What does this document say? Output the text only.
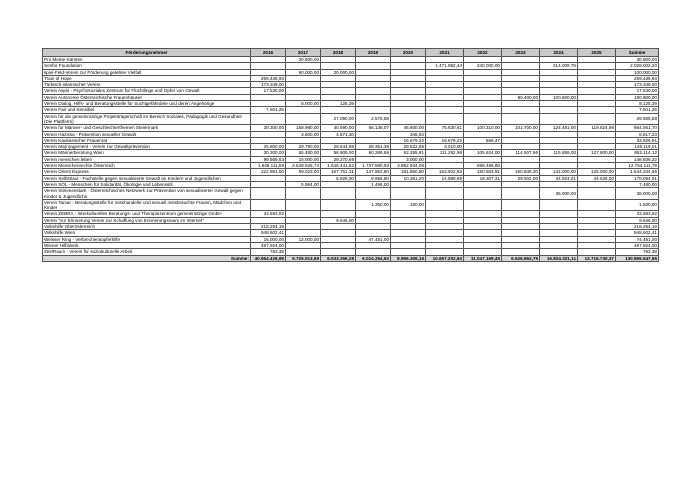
Förderungsnehmer	2016	2017	2018	2019	2020	2021	2022	2023	2024	2025	Summe
Pro Mente Kärnten		30.800,00									30.800,00
Senfor Foundation						1.471.992,44	240.000,00		314.009,76		2.026.002,20
spiel-Feld-Verein zur Förderung gelebter Vielfalt		80.000,00	20.000,00								100.000,00
Train of Hope	269.436,93										269.436,93
Türkisch-islamischer Verein	173.349,00										173.349,00
Verein Aspis - Psychosoziales Zentrum für Flüchtlinge und Opfer von Gewalt	17.530,00										17.530,00
Verein Autonome Österreichische Frauenhäuser								80.400,00	100.500,00		180.900,00
Verein Dialog, Hilfs- und Beratungsstelle für Suchtgefährdete und deren Angehörige		8.000,00	125,39								8.125,39
Verein Fair und Sensibel	7.501,25										7.501,25
Verein für die gemeinnützige Projektträgerschaft im Bereich Soziales, Pädagogik und Gesundheit (Die Plattform)			27.090,00	2.575,58							29.665,58
Verein für Männer- und Geschlechterthemen Steiermark	30.300,00	158.990,00	40.590,00	66.135,07	46.600,00	75.630,61	100.310,00	101.700,00	124.481,00	119.824,98	864.561,70
Verein Hazissa - Prävention sexueller Gewalt		3.600,00	4.871,30		345,93						8.817,23
Verein Kaukasischer Frauenrat					16.679,22	16.679,22	568,47				33.926,91
Verein Ma(n)agement - Verein zur Gewaltprävention	25.800,00	29.790,00	29.644,98	28.351,38	29.522,65	3.010,00					146.119,01
Verein Männerberatung Wien	30.300,00	65.480,00	58.905,00	60.289,66	62.255,91	111.292,98	105.624,00	114.507,56	115.659,00	127.800,00	852.114,12
Verein menschen.leben	99.565,53	15.000,00	29.270,69		3.000,00						146.836,22
Verein Menschenrechte Österreich	1.949.111,59	2.639.526,74	1.646.441,62	1.737.590,93	3.882.944,05		898.496,86				12.754.111,79
Verein Orient Express	222.981,00	59.023,00	167.761,31	147.862,80	181.860,80	163.502,63	150.503,91	180.849,20	144.000,00	126.000,00	1.544.344,65
Verein Selbstlaut - Fachstelle gegen sexualisierte Gewalt an Kindern und Jugendlichen			8.928,00	8.956,80	10.361,20	14.588,69	18.307,31	29.502,00	34.924,01	44.526,00	170.094,01
Verein SOL - Menschen für Solidarität, Ökologie und Lebensstil		5.984,00		1.496,00							7.480,00
Verein Stimmenstark - Österreichisches Netzwerk zur Prävention von sexualisierter Gewalt gegen Kinder & Jugendliche									36.000,00		36.000,00
Verein Tamar - Beratungsstelle für misshandelte und sexuell missbrauchte Frauen, Mädchen und Kinder				1.350,00	150,00						1.500,00
Verein ZEBRA - Interkulturelles Beratungs- und Therapiezentrum gemeinnützige GmbH	33.593,92										33.593,92
Verein "zur Erinnerung Verein zur Schaffung von Erinnerungsraum im Internet"			9.646,00								9.646,00
Volkshilfe Oberösterreich	218.254,19										218.254,19
Volkshilfe Wien	948.602,41										948.602,41
Weisser Ring - Verbrechensopferhilfe	15.000,00	12.000,00		47.481,00							74.481,00
Wiener Hilfswerk	487.924,00										487.924,00
Zeit!Raum - Verein für soziokulturelle Arbeit	783,38										783,38
Summe:	40.954.426,99	9.725.013,69	6.033.256,28	6.024.254,92	8.956.306,15	10.657.202,84	11.047.169,45	6.626.663,79	16.824.321,11	13.716.730,37	130.565.547,55
